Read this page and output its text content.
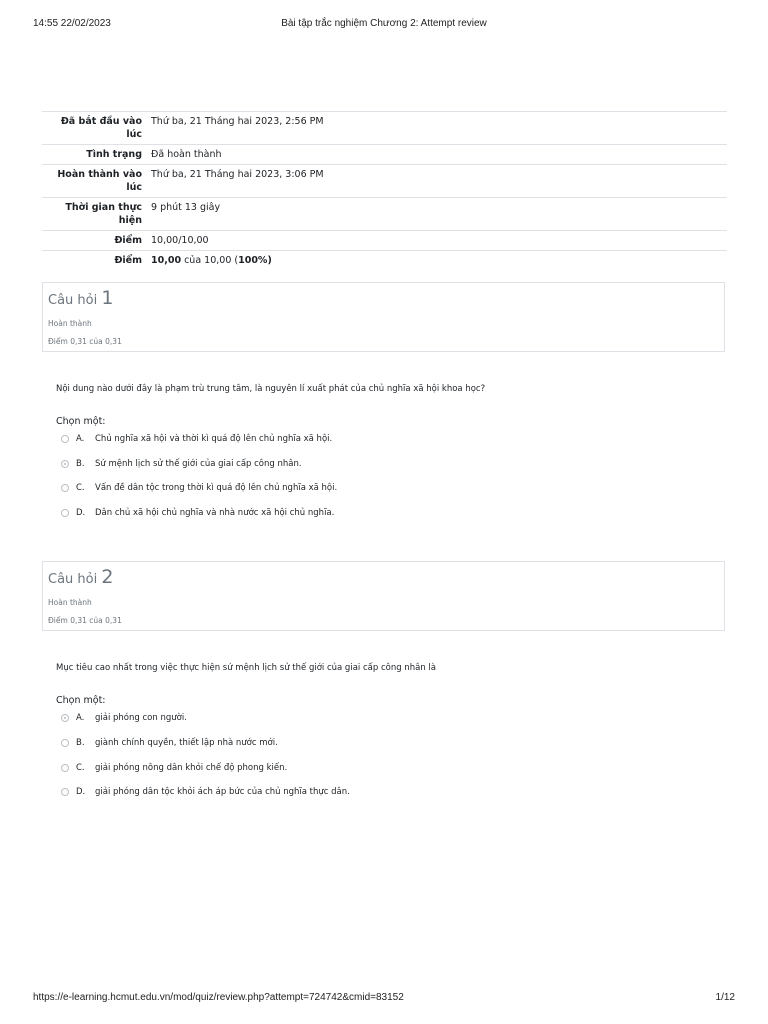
14:55 22/02/2023	Bài tập trắc nghiệm Chương 2: Attempt review
Đã bắt đầu vào lúc	Thứ ba, 21 Tháng hai 2023, 2:56 PM
Tình trạng	Đã hoàn thành
Hoàn thành vào lúc	Thứ ba, 21 Tháng hai 2023, 3:06 PM
Thời gian thực hiện	9 phút 13 giây
Điểm	10,00/10,00
Điểm	10,00 của 10,00 (100%)
Câu hỏi 1
Hoàn thành
Điểm 0,31 của 0,31
Nội dung nào dưới đây là phạm trù trung tâm, là nguyên lí xuất phát của chủ nghĩa xã hội khoa học?
Chọn một:
A. Chủ nghĩa xã hội và thời kì quá độ lên chủ nghĩa xã hội.
B. Sứ mệnh lịch sử thế giới của giai cấp công nhân.
C. Vấn đề dân tộc trong thời kì quá độ lên chủ nghĩa xã hội.
D. Dân chủ xã hội chủ nghĩa và nhà nước xã hội chủ nghĩa.
Câu hỏi 2
Hoàn thành
Điểm 0,31 của 0,31
Mục tiêu cao nhất trong việc thực hiện sứ mệnh lịch sử thế giới của giai cấp công nhân là
Chọn một:
A. giải phóng con người.
B. giành chính quyền, thiết lập nhà nước mới.
C. giải phóng nông dân khỏi chế độ phong kiến.
D. giải phóng dân tộc khỏi ách áp bức của chủ nghĩa thực dân.
https://e-learning.hcmut.edu.vn/mod/quiz/review.php?attempt=724742&cmid=83152	1/12
